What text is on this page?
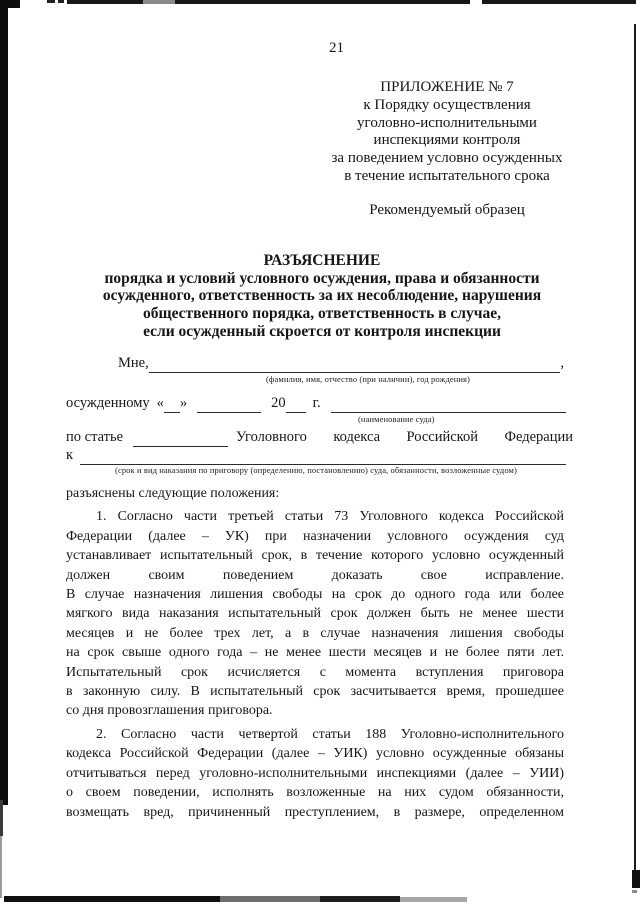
21
ПРИЛОЖЕНИЕ № 7
к Порядку осуществления
уголовно-исполнительными
инспекциями контроля
за поведением условно осужденных
в течение испытательного срока
Рекомендуемый образец
РАЗЪЯСНЕНИЕ
порядка и условий условного осуждения, права и обязанности
осужденного, ответственность за их несоблюдение, нарушения
общественного порядка, ответственность в случае,
если осужденный скроется от контроля инспекции
Мне,	,
(фамилия, имя, отчество (при наличии), год рождения)
осужденному « »	20 г.
(наименование суда)
по статье	Уголовного кодекса Российской Федерации
к
(срок и вид наказания по приговору (определению, постановлению) суда, обязанности, возложенные судом)
разъяснены следующие положения:
1. Согласно части третьей статьи 73 Уголовного кодекса Российской
Федерации (далее – УК) при назначении условного осуждения суд
устанавливает испытательный срок, в течение которого условно осужденный
должен своим поведением доказать свое исправление.
В случае назначения лишения свободы на срок до одного года или более
мягкого вида наказания испытательный срок должен быть не менее шести
месяцев и не более трех лет, а в случае назначения лишения свободы
на срок свыше одного года – не менее шести месяцев и не более пяти лет.
Испытательный срок исчисляется с момента вступления приговора
в законную силу. В испытательный срок засчитывается время, прошедшее
со дня провозглашения приговора.
2. Согласно части четвертой статьи 188 Уголовно-исполнительного
кодекса Российской Федерации (далее – УИК) условно осужденные обязаны
отчитываться перед уголовно-исполнительными инспекциями (далее – УИИ)
о своем поведении, исполнять возложенные на них судом обязанности,
возмещать вред, причиненный преступлением, в размере, определенном
